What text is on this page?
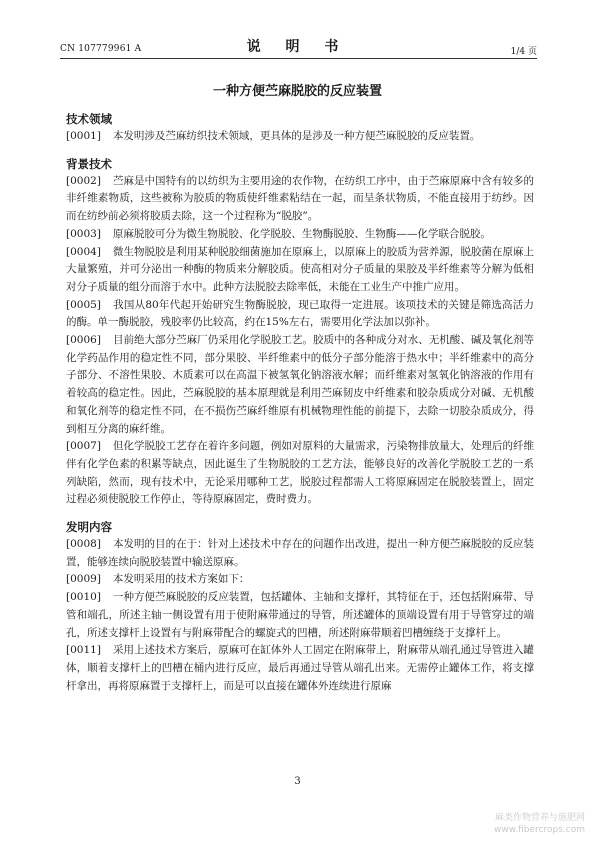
CN 107779961 A	说 明 书	1/4 页
一种方便苎麻脱胶的反应装置
技术领域

[0001] 本发明涉及苎麻纺织技术领域，更具体的是涉及一种方便苎麻脱胶的反应装置。

背景技术

[0002] 苎麻是中国特有的以纺织为主要用途的农作物，在纺织工序中，由于苎麻原麻中含有较多的非纤维素物质，这些被称为胶质的物质使纤维素粘结在一起，而呈条状物质，不能直接用于纺纱。因而在纺纱前必须将胶质去除，这一个过程称为“脱胶”。

[0003] 原麻脱胶可分为微生物脱胶、化学脱胶、生物酶脱胶、生物酶——化学联合脱胶。

[0004] 微生物脱胶是利用某种脱胶细菌施加在原麻上，以原麻上的胶质为营养源，脱胶菌在原麻上大量繁殖，并可分泌出一种酶的物质来分解胶质。使高相对分子质量的果胶及半纤维素等分解为低相对分子质量的组分而溶于水中。此种方法脱胶去除率低，未能在工业生产中推广应用。

[0005] 我国从80年代起开始研究生物酶脱胶，现已取得一定进展。该项技术的关键是筛选高活力的酶。单一酶脱胶，残胶率仍比较高，约在15%左右，需要用化学法加以弥补。

[0006] 目前绝大部分苎麻厂仍采用化学脱胶工艺。胶质中的各种成分对水、无机酸、碱及氧化剂等化学药品作用的稳定性不同，部分果胶、半纤维素中的低分子部分能溶于热水中；半纤维素中的高分子部分、不溶性果胶、木质素可以在高温下被氢氧化钠溶液水解；而纤维素对氢氧化钠溶液的作用有着较高的稳定性。因此，苎麻脱胶的基本原理就是利用苎麻韧皮中纤维素和胶杂质成分对碱、无机酸和氧化剂等的稳定性不同，在不损伤苎麻纤维原有机械物理性能的前提下，去除一切胶杂质成分，得到相互分离的麻纤维。

[0007] 但化学脱胶工艺存在着许多问题，例如对原料的大量需求，污染物排放量大，处理后的纤维伴有化学色素的积累等缺点，因此诞生了生物脱胶的工艺方法，能够良好的改善化学脱胶工艺的一系列缺陷，然而，现有技术中，无论采用哪种工艺，脱胶过程都需人工将原麻固定在脱胶装置上，固定过程必须使脱胶工作停止，等待原麻固定，费时费力。

发明内容

[0008] 本发明的目的在于：针对上述技术中存在的问题作出改进，提出一种方便苎麻脱胶的反应装置，能够连续向脱胶装置中输送原麻。

[0009] 本发明采用的技术方案如下：

[0010] 一种方便苎麻脱胶的反应装置，包括罐体、主轴和支撑杆，其特征在于，还包括附麻带、导管和端孔，所述主轴一侧设置有用于使附麻带通过的导管，所述罐体的顶端设置有用于导管穿过的端孔，所述支撑杆上设置有与附麻带配合的螺旋式的凹槽，所述附麻带顺着凹槽缠绕于支撑杆上。

[0011] 采用上述技术方案后，原麻可在缸体外人工固定在附麻带上，附麻带从端孔通过导管进入罐体，顺着支撑杆上的凹槽在桶内进行反应，最后再通过导管从端孔出来。无需停止罐体工作，将支撑杆拿出，再将原麻置于支撑杆上，而是可以直接在罐体外连续进行原麻

3
麻类作物营养与施肥网
www.fibercrops.com
